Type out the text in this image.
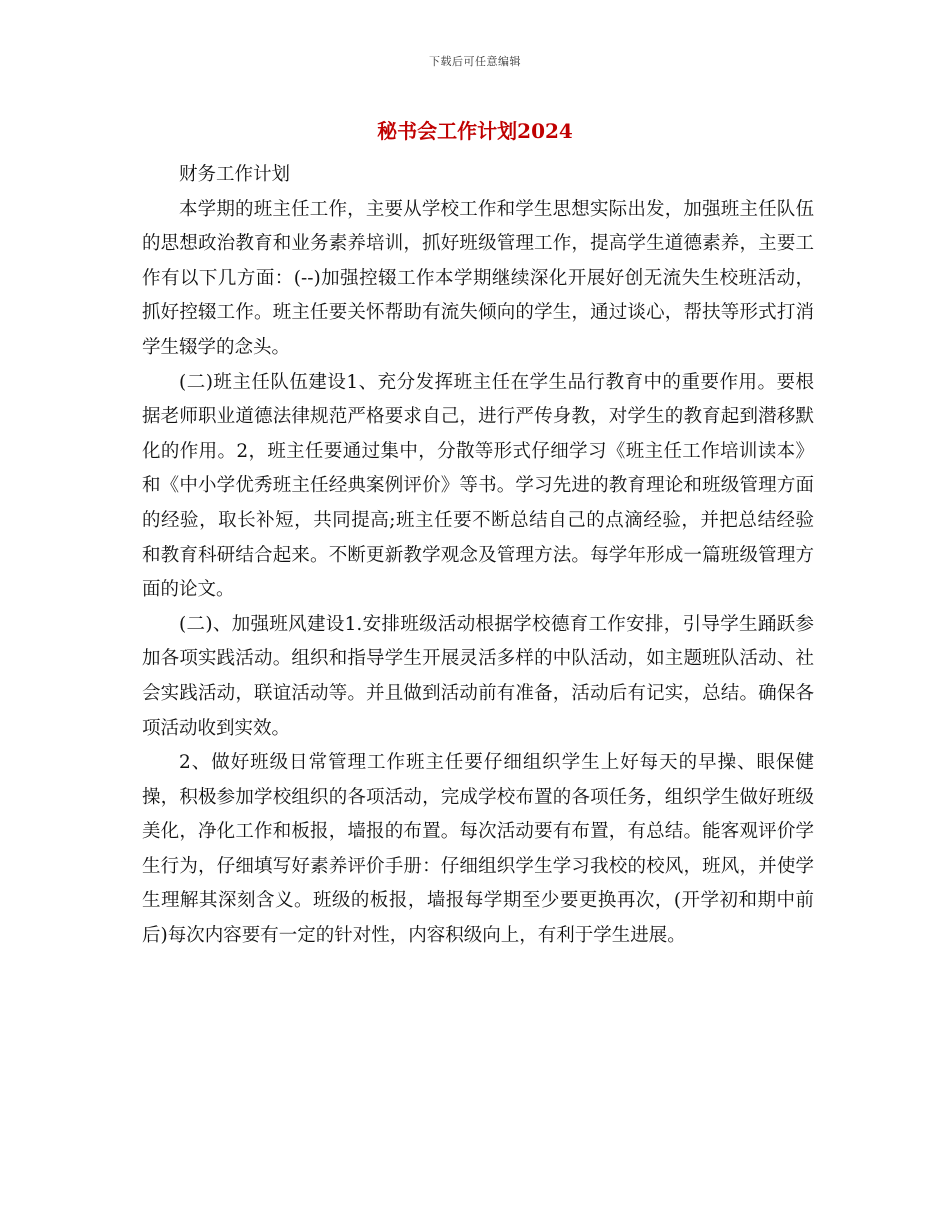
下载后可任意编辑
秘书会工作计划2024

财务工作计划

本学期的班主任工作，主要从学校工作和学生思想实际出发，加强班主任队伍的思想政治教育和业务素养培训，抓好班级管理工作，提高学生道德素养，主要工作有以下几方面：(--)加强控辍工作本学期继续深化开展好创无流失生校班活动，抓好控辍工作。班主任要关怀帮助有流失倾向的学生，通过谈心，帮扶等形式打消学生辍学的念头。

(二)班主任队伍建设1、充分发挥班主任在学生品行教育中的重要作用。要根据老师职业道德法律规范严格要求自己，进行严传身教，对学生的教育起到潜移默化的作用。2，班主任要通过集中，分散等形式仔细学习《班主任工作培训读本》和《中小学优秀班主任经典案例评价》等书。学习先进的教育理论和班级管理方面的经验，取长补短，共同提高;班主任要不断总结自己的点滴经验，并把总结经验和教育科研结合起来。不断更新教学观念及管理方法。每学年形成一篇班级管理方面的论文。

(二)、加强班风建设1.安排班级活动根据学校德育工作安排，引导学生踊跃参加各项实践活动。组织和指导学生开展灵活多样的中队活动，如主题班队活动、社会实践活动，联谊活动等。并且做到活动前有准备，活动后有记实，总结。确保各项活动收到实效。

2、做好班级日常管理工作班主任要仔细组织学生上好每天的早操、眼保健操，积极参加学校组织的各项活动，完成学校布置的各项任务，组织学生做好班级美化，净化工作和板报，墙报的布置。每次活动要有布置，有总结。能客观评价学生行为，仔细填写好素养评价手册：仔细组织学生学习我校的校风，班风，并使学生理解其深刻含义。班级的板报，墙报每学期至少要更换再次，(开学初和期中前后)每次内容要有一定的针对性，内容积级向上，有利于学生进展。
